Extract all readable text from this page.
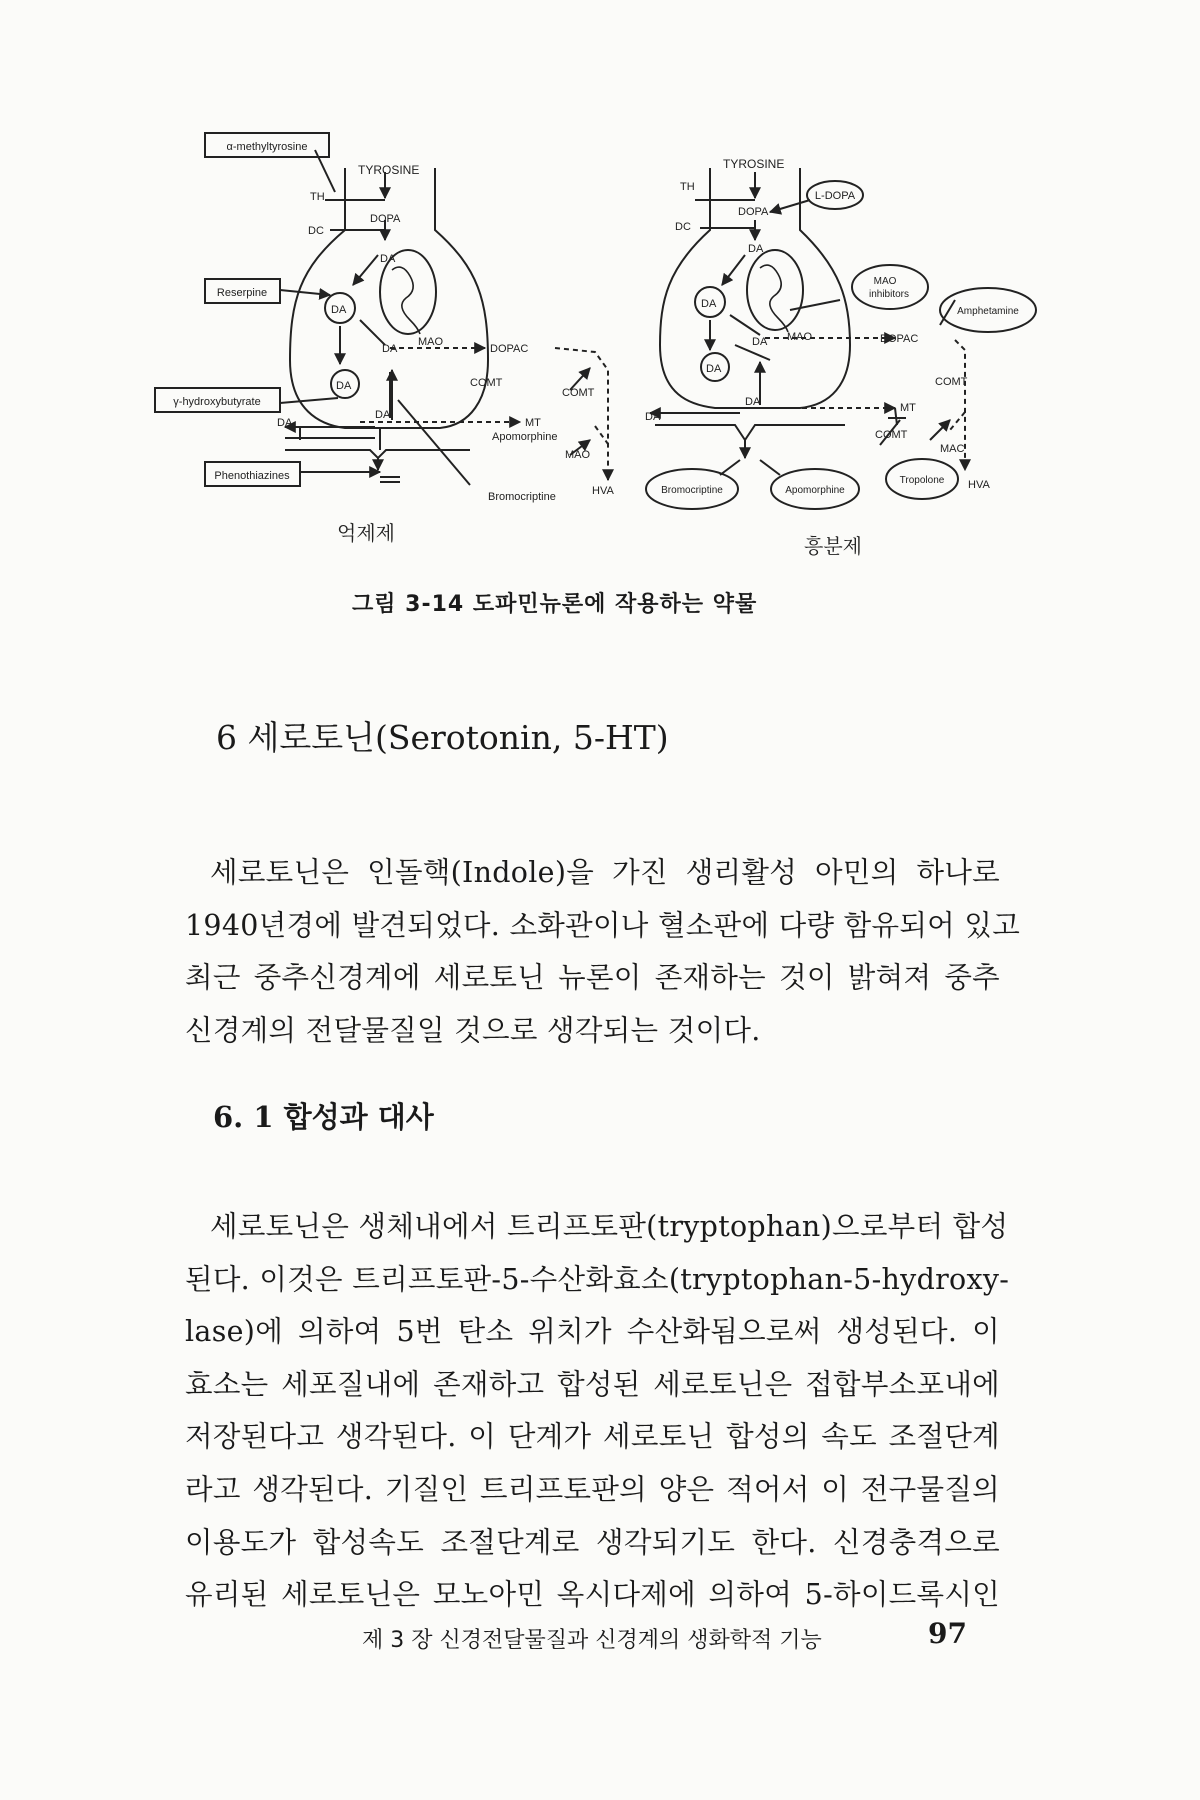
α-methyltyrosine
Reserpine
γ-hydroxybutyrate
Phenothiazines
TYROSINE
TH
DC
DOPA
DA
DA
DA
DA
DA
DA
MAO
DOPAC
COMT
COMT
MT
Apomorphine
MAO
Bromocriptine	HVA
L-DOPA
MAO
inhibitors
Amphetamine
Bromocriptine	Apomorphine
Tropolone
TYROSINE
TH
DC
DOPA
DA
DA
DA
DA
DA
DA
MAO	DOPAC
COMT
COMT
MT
MAC
HVA
억제제
흥분제
그림 3-14 도파민뉴론에 작용하는 약물
6 세로토닌(Serotonin, 5-HT)
세로토닌은 인돌핵(Indole)을 가진 생리활성 아민의 하나로
1940년경에 발견되었다. 소화관이나 혈소판에 다량 함유되어 있고
최근 중추신경계에 세로토닌 뉴론이 존재하는 것이 밝혀져 중추
신경계의 전달물질일 것으로 생각되는 것이다.
6. 1 합성과 대사
세로토닌은 생체내에서 트리프토판(tryptophan)으로부터 합성
된다. 이것은 트리프토판-5-수산화효소(tryptophan-5-hydroxy-
lase)에 의하여 5번 탄소 위치가 수산화됨으로써 생성된다. 이
효소는 세포질내에 존재하고 합성된 세로토닌은 접합부소포내에
저장된다고 생각된다. 이 단계가 세로토닌 합성의 속도 조절단계
라고 생각된다. 기질인 트리프토판의 양은 적어서 이 전구물질의
이용도가 합성속도 조절단계로 생각되기도 한다. 신경충격으로
유리된 세로토닌은 모노아민 옥시다제에 의하여 5-하이드록시인
제 3 장 신경전달물질과 신경계의 생화학적 기능	97
